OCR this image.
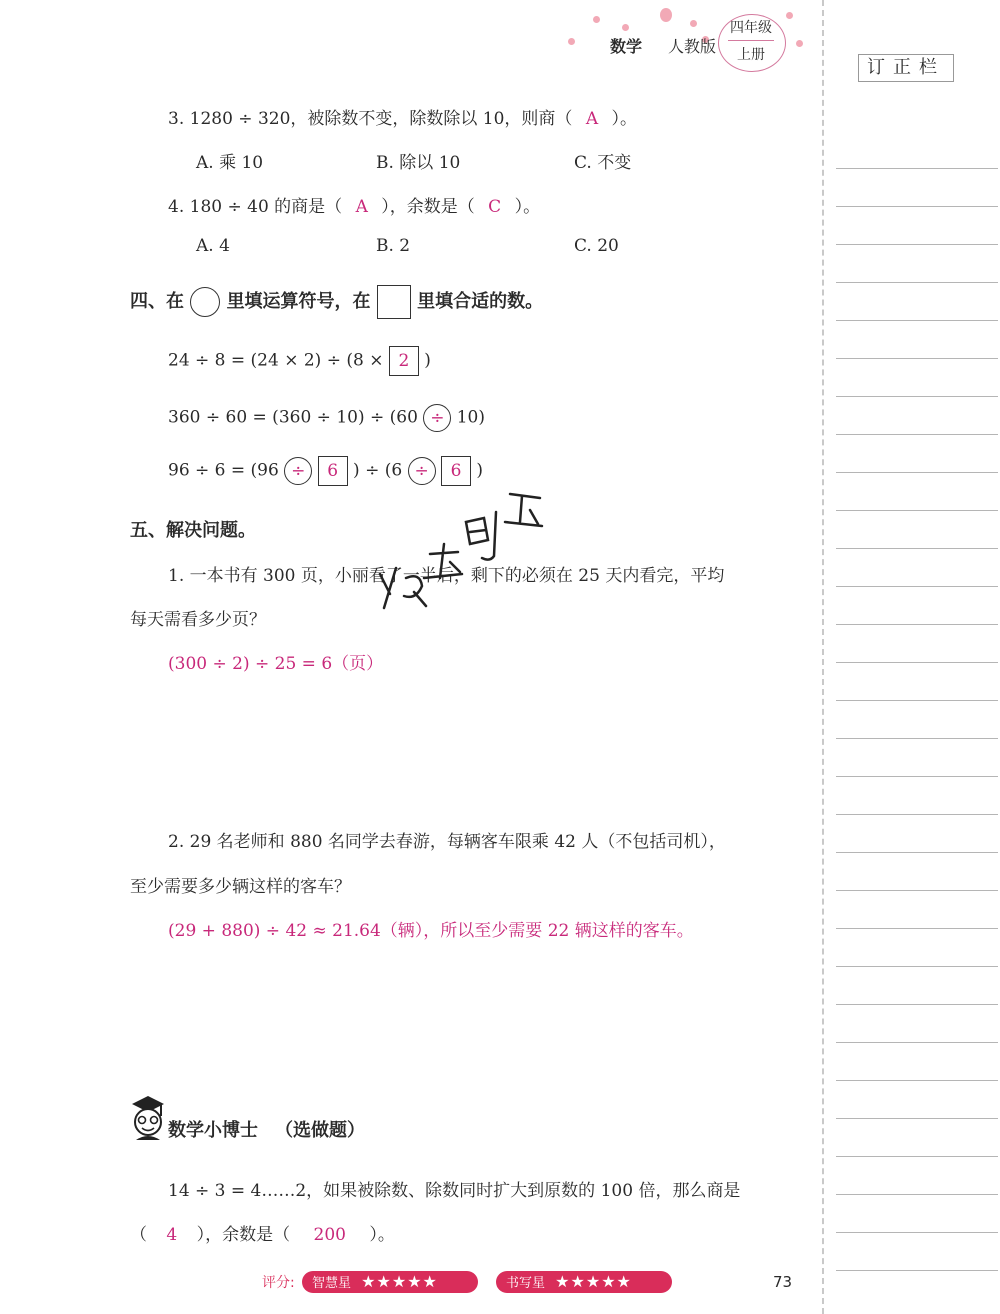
数学 人教版
四年级
上册
订正栏
3. 1280 ÷ 320，被除数不变，除数除以 10，则商（ A ）。
A. 乘 10	B. 除以 10	C. 不变
4. 180 ÷ 40 的商是（ A ），余数是（ C ）。
A. 4	B. 2	C. 20
四、在 里填运算符号，在	里填合适的数。
24 ÷ 8 = (24 × 2) ÷ (8 × 2 )
360 ÷ 60 = (360 ÷ 10) ÷ (60 ÷ 10)
96 ÷ 6 = (96 ÷ 6 ) ÷ (6 ÷ 6 )
五、解决问题。
1. 一本书有 300 页，小丽看了一半后，剩下的必须在 25 天内看完，平均
每天需看多少页？
(300 ÷ 2) ÷ 25 = 6（页）
2. 29 名老师和 880 名同学去春游，每辆客车限乘 42 人（不包括司机），
至少需要多少辆这样的客车？
(29 + 880) ÷ 42 ≈ 21.64（辆），所以至少需要 22 辆这样的客车。
数学小博士 （选做题）
14 ÷ 3 = 4……2，如果被除数、除数同时扩大到原数的 100 倍，那么商是
（ 4 ），余数是（ 200 ）。
评分:	智慧星 ★★★★★	书写星 ★★★★★	73
